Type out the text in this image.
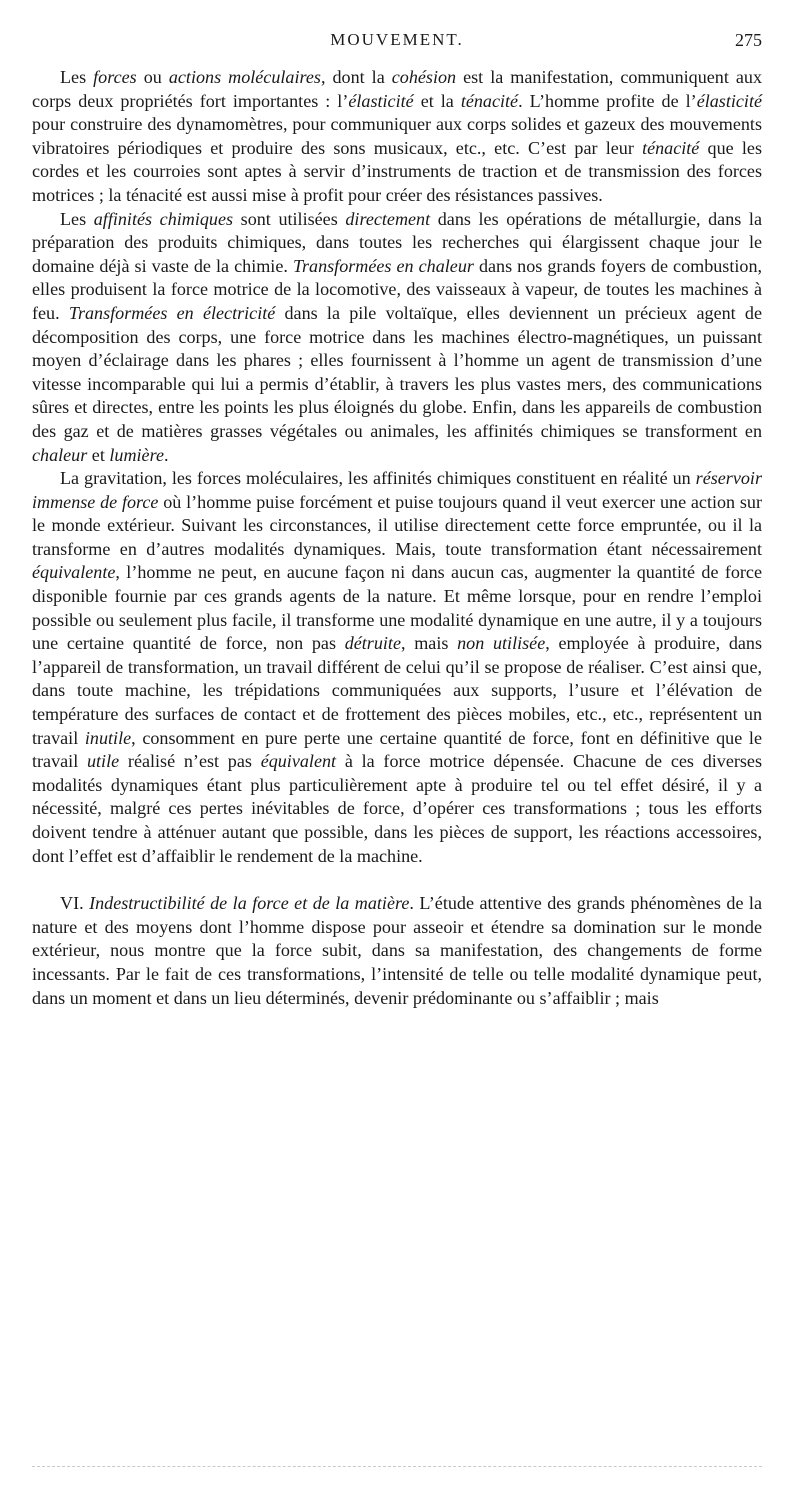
MOUVEMENT.	275

Les forces ou actions moléculaires, dont la cohésion est la manifestation, communiquent aux corps deux propriétés fort importantes : l’élasticité et la ténacité. L’homme profite de l’élasticité pour construire des dynamomètres, pour communiquer aux corps solides et gazeux des mouvements vibratoires périodiques et produire des sons musicaux, etc., etc. C’est par leur ténacité que les cordes et les courroies sont aptes à servir d’instruments de traction et de transmission des forces motrices ; la ténacité est aussi mise à profit pour créer des résistances passives.

Les affinités chimiques sont utilisées directement dans les opérations de métallurgie, dans la préparation des produits chimiques, dans toutes les recherches qui élargissent chaque jour le domaine déjà si vaste de la chimie. Transformées en chaleur dans nos grands foyers de combustion, elles produisent la force motrice de la locomotive, des vaisseaux à vapeur, de toutes les machines à feu. Transformées en électricité dans la pile voltaïque, elles deviennent un précieux agent de décomposition des corps, une force motrice dans les machines électro-magnétiques, un puissant moyen d’éclairage dans les phares ; elles fournissent à l’homme un agent de transmission d’une vitesse incomparable qui lui a permis d’établir, à travers les plus vastes mers, des communications sûres et directes, entre les points les plus éloignés du globe. Enfin, dans les appareils de combustion des gaz et de matières grasses végétales ou animales, les affinités chimiques se transforment en chaleur et lumière.

La gravitation, les forces moléculaires, les affinités chimiques constituent en réalité un réservoir immense de force où l’homme puise forcément et puise toujours quand il veut exercer une action sur le monde extérieur. Suivant les circonstances, il utilise directement cette force empruntée, ou il la transforme en d’autres modalités dynamiques. Mais, toute transformation étant nécessairement équivalente, l’homme ne peut, en aucune façon ni dans aucun cas, augmenter la quantité de force disponible fournie par ces grands agents de la nature. Et même lorsque, pour en rendre l’emploi possible ou seulement plus facile, il transforme une modalité dynamique en une autre, il y a toujours une certaine quantité de force, non pas détruite, mais non utilisée, employée à produire, dans l’appareil de transformation, un travail différent de celui qu’il se propose de réaliser. C’est ainsi que, dans toute machine, les trépidations communiquées aux supports, l’usure et l’élévation de température des surfaces de contact et de frottement des pièces mobiles, etc., etc., représentent un travail inutile, consomment en pure perte une certaine quantité de force, font en définitive que le travail utile réalisé n’est pas équivalent à la force motrice dépensée. Chacune de ces diverses modalités dynamiques étant plus particulièrement apte à produire tel ou tel effet désiré, il y a nécessité, malgré ces pertes inévitables de force, d’opérer ces transformations ; tous les efforts doivent tendre à atténuer autant que possible, dans les pièces de support, les réactions accessoires, dont l’effet est d’affaiblir le rendement de la machine.

VI. Indestructibilité de la force et de la matière. L’étude attentive des grands phénomènes de la nature et des moyens dont l’homme dispose pour asseoir et étendre sa domination sur le monde extérieur, nous montre que la force subit, dans sa manifestation, des changements de forme incessants. Par le fait de ces transformations, l’intensité de telle ou telle modalité dynamique peut, dans un moment et dans un lieu déterminés, devenir prédominante ou s’affaiblir ; mais
